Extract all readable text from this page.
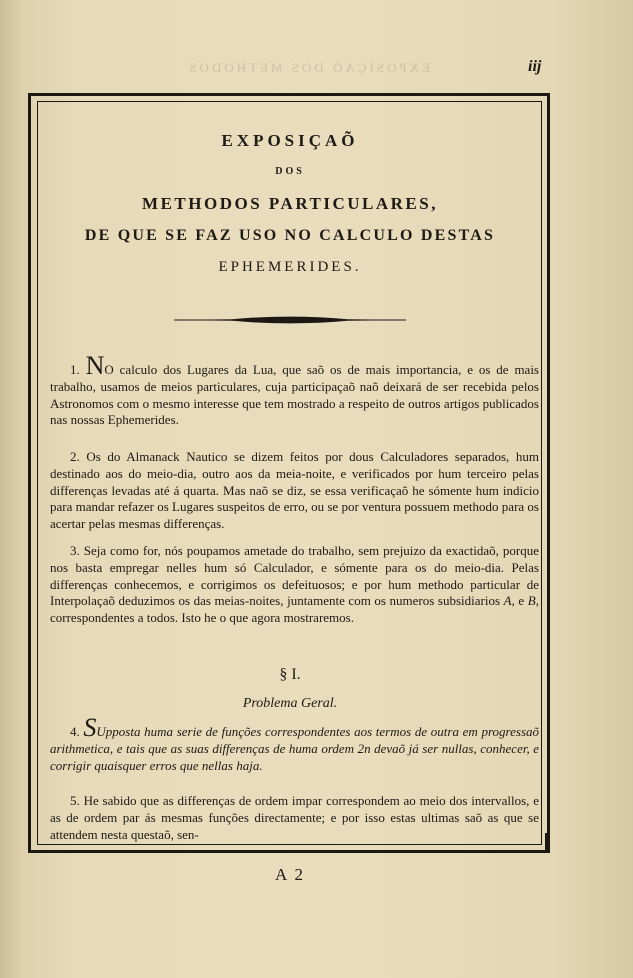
EXPOSIÇAÕ DOS METHODOS	iij
EXPOSIÇAÕ
DOS
METHODOS PARTICULARES,
DE QUE SE FAZ USO NO CALCULO DESTAS
EPHEMERIDES.

1. NO calculo dos Lugares da Lua, que saõ os de mais importancia, e os de mais trabalho, usamos de meios particulares, cuja participaçaõ naõ deixará de ser recebida pelos Astronomos com o mesmo interesse que tem mostrado a respeito de outros artigos publicados nas nossas Ephemerides.

2. Os do Almanack Nautico se dizem feitos por dous Calculadores separados, hum destinado aos do meio-dia, outro aos da meia-noite, e verificados por hum terceiro pelas differenças levadas até á quarta. Mas naõ se diz, se essa verificaçaõ he sómente hum indicio para mandar refazer os Lugares suspeitos de erro, ou se por ventura possuem methodo para os acertar pelas mesmas differenças.

3. Seja como for, nós poupamos ametade do trabalho, sem prejuizo da exactidaõ, porque nos basta empregar nelles hum só Calculador, e sómente para os do meio-dia. Pelas differenças conhecemos, e corrigimos os defeituosos; e por hum methodo particular de Interpolaçaõ deduzimos os das meias-noites, juntamente com os numeros subsidiarios A, e B, correspondentes a todos. Isto he o que agora mostraremos.

§ I.
Problema Geral.

4. SUpposta huma serie de funções correspondentes aos termos de outra em progressaõ arithmetica, e tais que as suas differenças de huma ordem 2n devaõ já ser nullas, conhecer, e corrigir quaisquer erros que nellas haja.

5. He sabido que as differenças de ordem impar correspondem ao meio dos intervallos, e as de ordem par ás mesmas funções directamente; e por isso estas ultimas saõ as que se attendem nesta questaõ, sen-

A 2
